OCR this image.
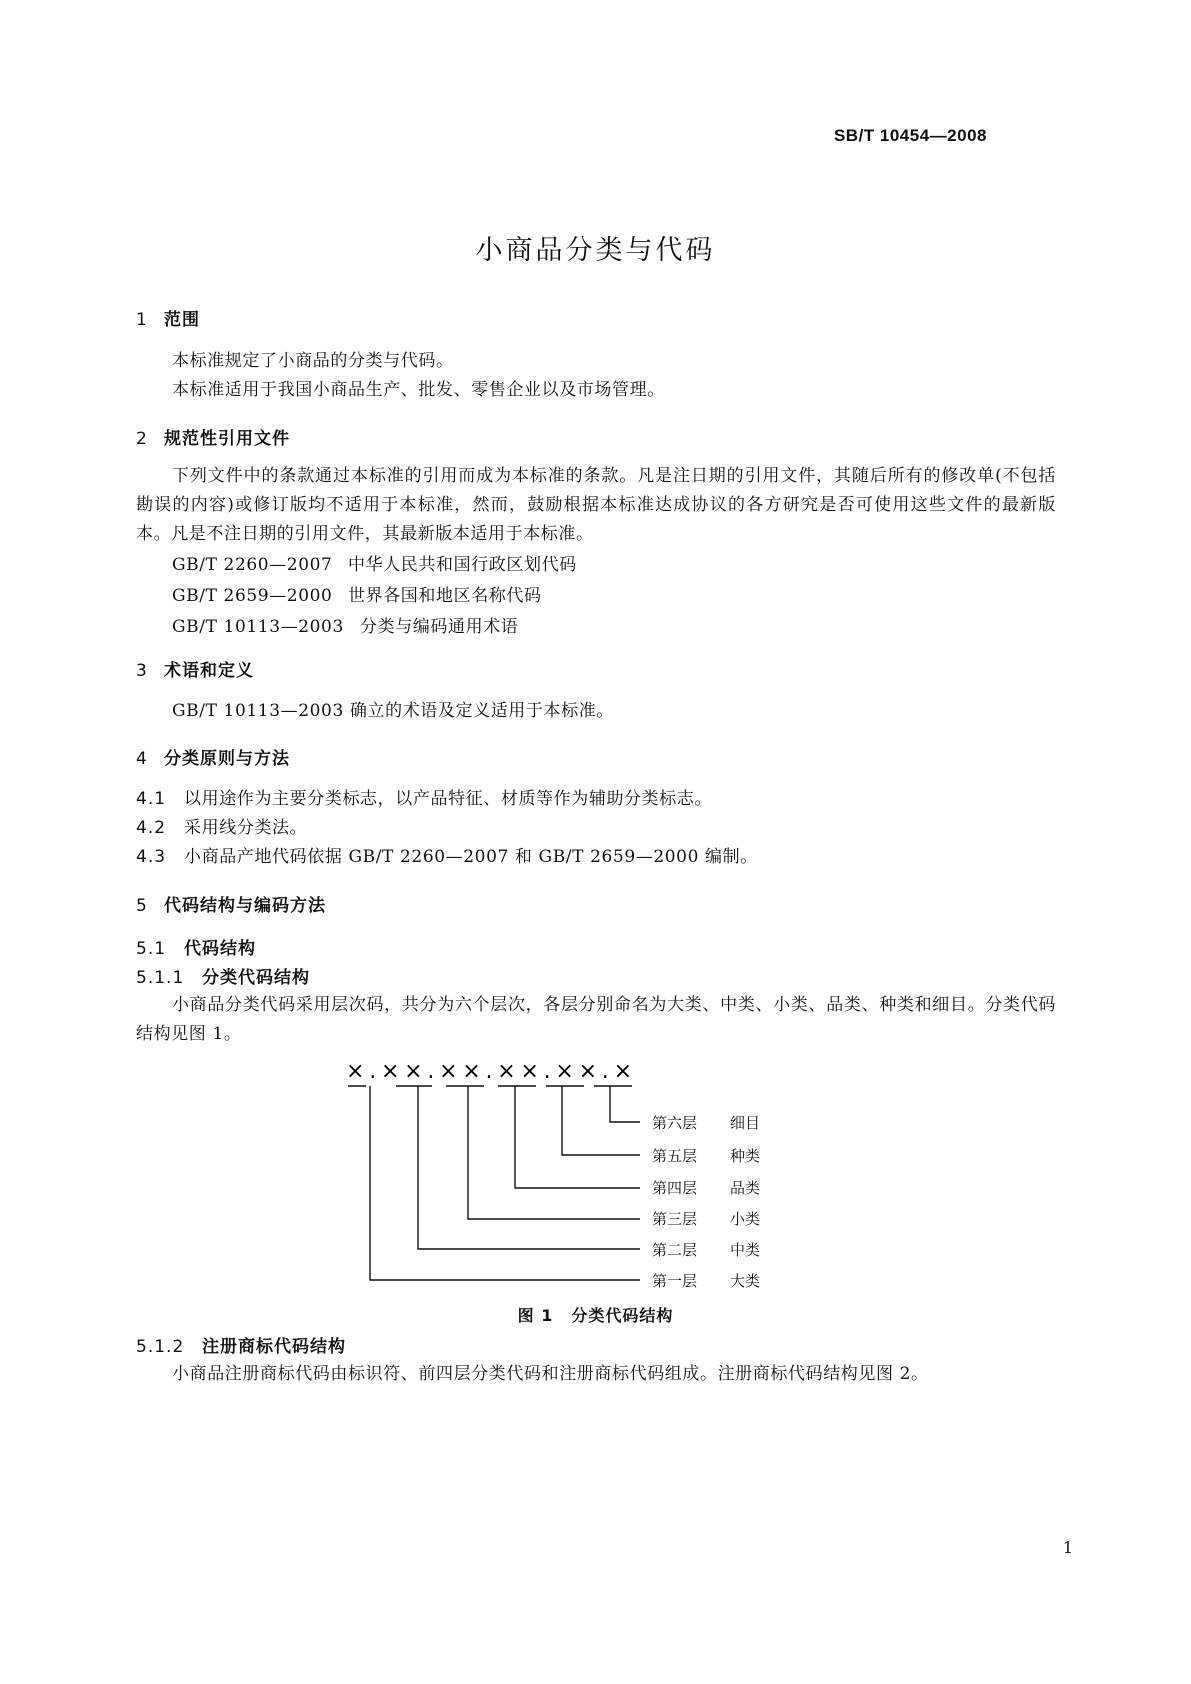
SB/T 10454—2008
小商品分类与代码
1 范围
本标准规定了小商品的分类与代码。
本标准适用于我国小商品生产、批发、零售企业以及市场管理。
2 规范性引用文件
下列文件中的条款通过本标准的引用而成为本标准的条款。凡是注日期的引用文件，其随后所有的修改单(不包括勘误的内容)或修订版均不适用于本标准，然而，鼓励根据本标准达成协议的各方研究是否可使用这些文件的最新版本。凡是不注日期的引用文件，其最新版本适用于本标准。
GB/T 2260—2007 中华人民共和国行政区划代码
GB/T 2659—2000 世界各国和地区名称代码
GB/T 10113—2003 分类与编码通用术语
3 术语和定义
GB/T 10113—2003 确立的术语及定义适用于本标准。
4 分类原则与方法
4.1 以用途作为主要分类标志，以产品特征、材质等作为辅助分类标志。
4.2 采用线分类法。
4.3 小商品产地代码依据 GB/T 2260—2007 和 GB/T 2659—2000 编制。
5 代码结构与编码方法
5.1 代码结构
5.1.1 分类代码结构
小商品分类代码采用层次码，共分为六个层次，各层分别命名为大类、中类、小类、品类、种类和细目。分类代码结构见图 1。
×.××.××.××.××.×
第六层 细目
第五层 种类
第四层 品类
第三层 小类
第二层 中类
第一层 大类
图 1 分类代码结构
5.1.2 注册商标代码结构
小商品注册商标代码由标识符、前四层分类代码和注册商标代码组成。注册商标代码结构见图 2。
1
